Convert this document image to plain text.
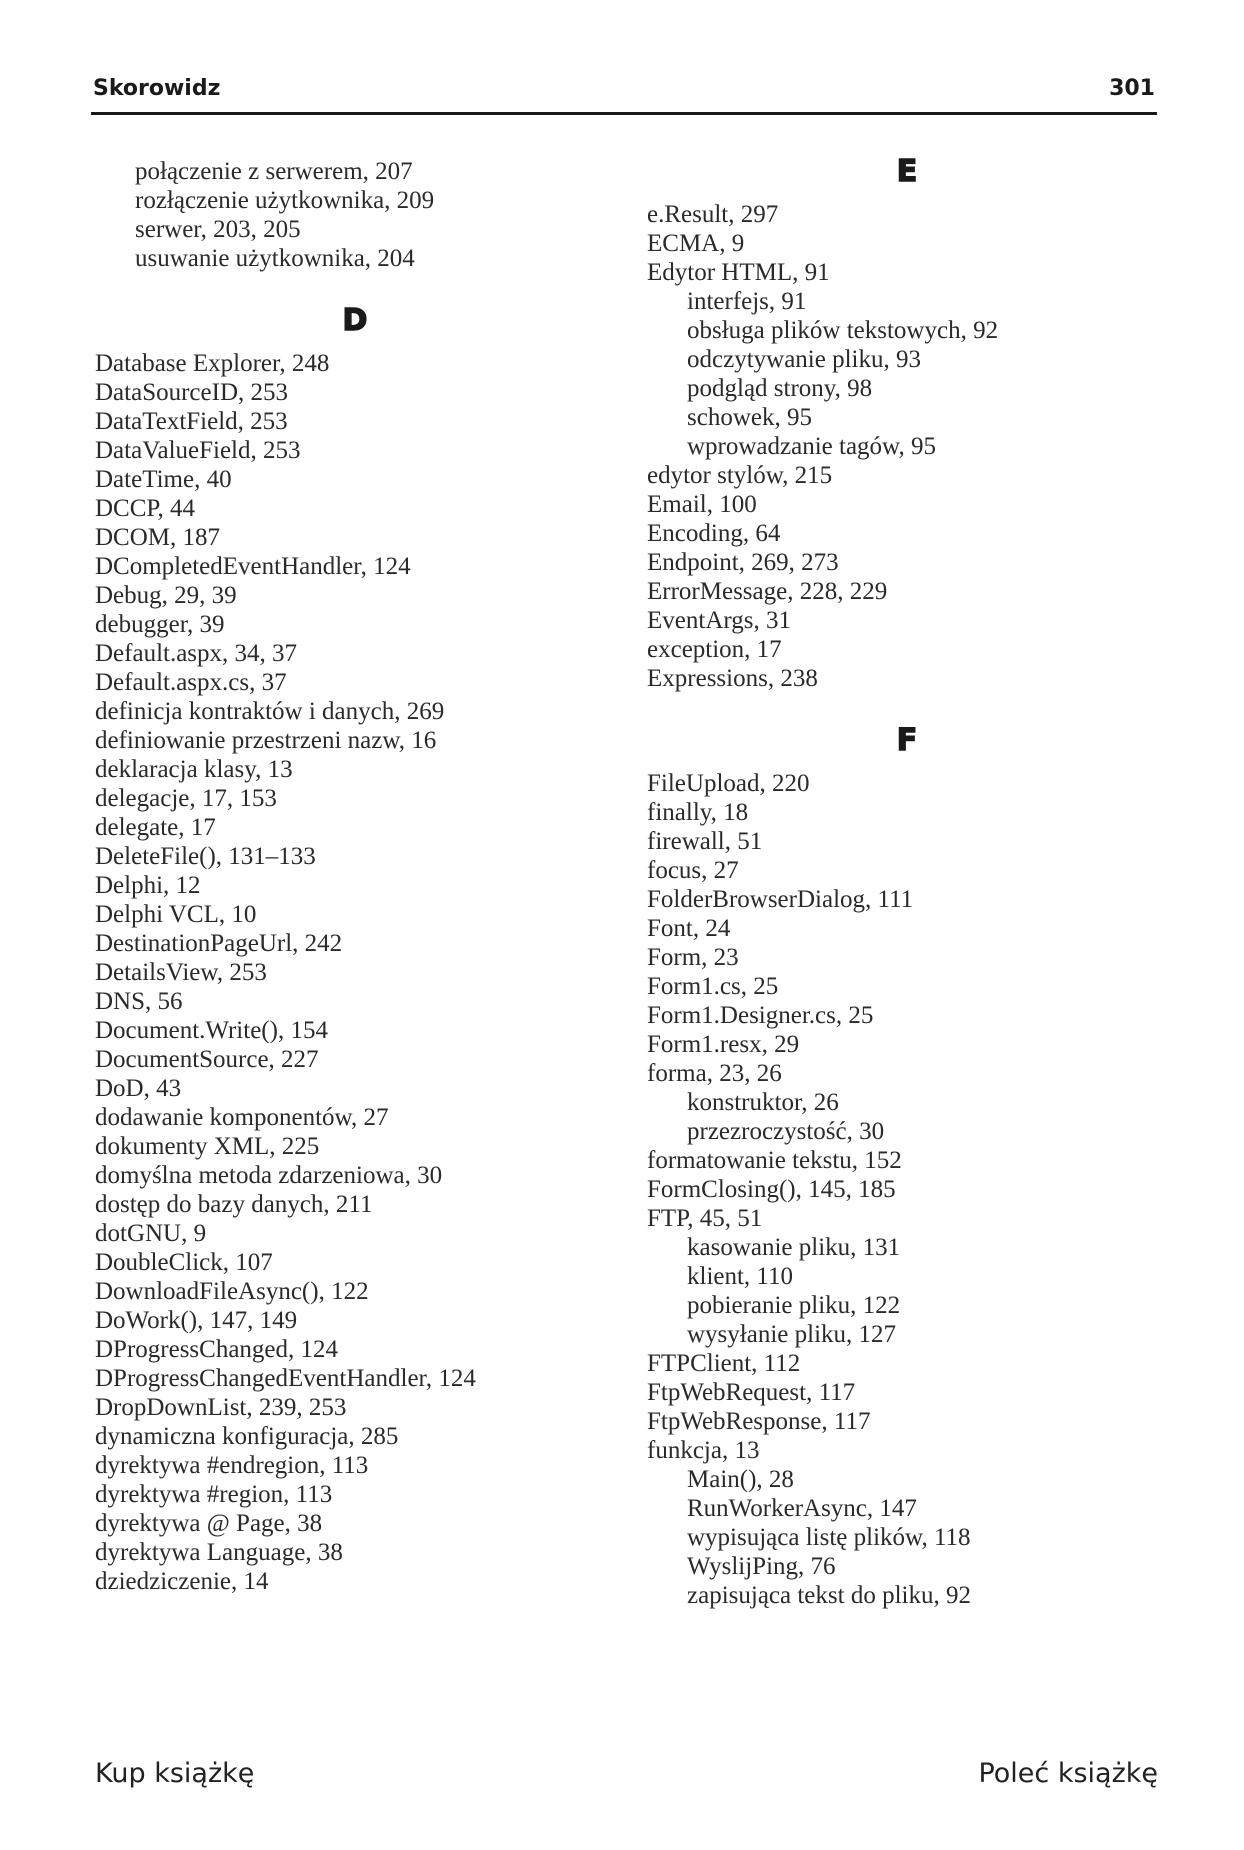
Skorowidz	301
połączenie z serwerem, 207
rozłączenie użytkownika, 209
serwer, 203, 205
usuwanie użytkownika, 204
D
Database Explorer, 248
DataSourceID, 253
DataTextField, 253
DataValueField, 253
DateTime, 40
DCCP, 44
DCOM, 187
DCompletedEventHandler, 124
Debug, 29, 39
debugger, 39
Default.aspx, 34, 37
Default.aspx.cs, 37
definicja kontraktów i danych, 269
definiowanie przestrzeni nazw, 16
deklaracja klasy, 13
delegacje, 17, 153
delegate, 17
DeleteFile(), 131–133
Delphi, 12
Delphi VCL, 10
DestinationPageUrl, 242
DetailsView, 253
DNS, 56
Document.Write(), 154
DocumentSource, 227
DoD, 43
dodawanie komponentów, 27
dokumenty XML, 225
domyślna metoda zdarzeniowa, 30
dostęp do bazy danych, 211
dotGNU, 9
DoubleClick, 107
DownloadFileAsync(), 122
DoWork(), 147, 149
DProgressChanged, 124
DProgressChangedEventHandler, 124
DropDownList, 239, 253
dynamiczna konfiguracja, 285
dyrektywa #endregion, 113
dyrektywa #region, 113
dyrektywa @ Page, 38
dyrektywa Language, 38
dziedziczenie, 14
E
e.Result, 297
ECMA, 9
Edytor HTML, 91
interfejs, 91
obsługa plików tekstowych, 92
odczytywanie pliku, 93
podgląd strony, 98
schowek, 95
wprowadzanie tagów, 95
edytor stylów, 215
Email, 100
Encoding, 64
Endpoint, 269, 273
ErrorMessage, 228, 229
EventArgs, 31
exception, 17
Expressions, 238
F
FileUpload, 220
finally, 18
firewall, 51
focus, 27
FolderBrowserDialog, 111
Font, 24
Form, 23
Form1.cs, 25
Form1.Designer.cs, 25
Form1.resx, 29
forma, 23, 26
konstruktor, 26
przezroczystość, 30
formatowanie tekstu, 152
FormClosing(), 145, 185
FTP, 45, 51
kasowanie pliku, 131
klient, 110
pobieranie pliku, 122
wysyłanie pliku, 127
FTPClient, 112
FtpWebRequest, 117
FtpWebResponse, 117
funkcja, 13
Main(), 28
RunWorkerAsync, 147
wypisująca listę plików, 118
WyslijPing, 76
zapisująca tekst do pliku, 92
Kup książkę	Poleć książkę
